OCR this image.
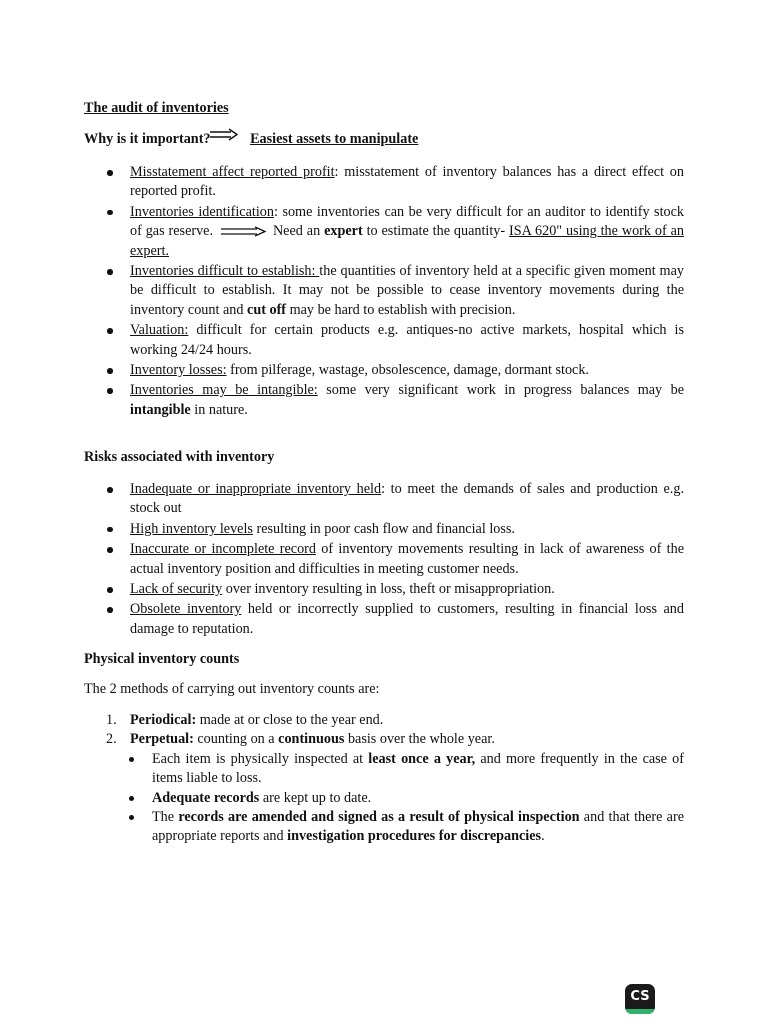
The audit of inventories
Why is it important?	Easiest assets to manipulate
Misstatement affect reported profit: misstatement of inventory balances has a direct effect on reported profit.
Inventories identification: some inventories can be very difficult for an auditor to identify stock of gas reserve.	Need an expert to estimate the quantity- ISA 620" using the work of an expert.
Inventories difficult to establish: the quantities of inventory held at a specific given moment may be difficult to establish. It may not be possible to cease inventory movements during the inventory count and cut off may be hard to establish with precision.
Valuation: difficult for certain products e.g. antiques-no active markets, hospital which is working 24/24 hours.
Inventory losses: from pilferage, wastage, obsolescence, damage, dormant stock.
Inventories may be intangible: some very significant work in progress balances may be intangible in nature.
Risks associated with inventory
Inadequate or inappropriate inventory held: to meet the demands of sales and production e.g. stock out
High inventory levels resulting in poor cash flow and financial loss.
Inaccurate or incomplete record of inventory movements resulting in lack of awareness of the actual inventory position and difficulties in meeting customer needs.
Lack of security over inventory resulting in loss, theft or misappropriation.
Obsolete inventory held or incorrectly supplied to customers, resulting in financial loss and damage to reputation.
Physical inventory counts
The 2 methods of carrying out inventory counts are:
1. Periodical: made at or close to the year end.
2. Perpetual: counting on a continuous basis over the whole year.
Each item is physically inspected at least once a year, and more frequently in the case of items liable to loss.
Adequate records are kept up to date.
The records are amended and signed as a result of physical inspection and that there are appropriate reports and investigation procedures for discrepancies.
CS
